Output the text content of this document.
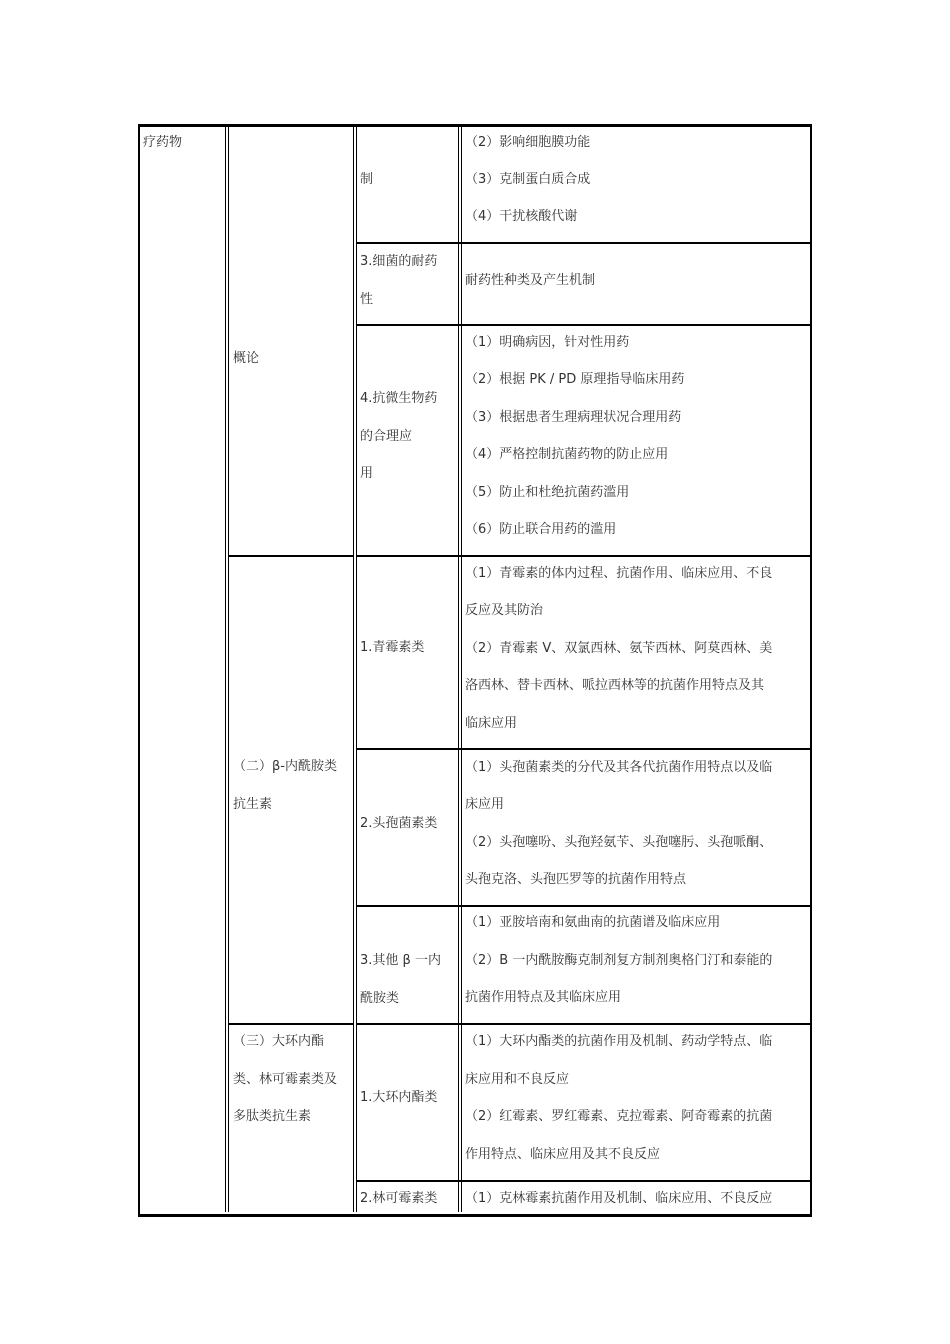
疗药物
概论
（二）β-内酰胺类
抗生素
（三）大环内酯
类、林可霉素类及
多肽类抗生素
制
3.细菌的耐药
性
4.抗微生物药
的合理应
用
1.青霉素类
2.头孢菌素类
3.其他 β 一内
酰胺类
1.大环内酯类
2.林可霉素类
（2）影响细胞膜功能
（3）克制蛋白质合成
（4）干扰核酸代谢
耐药性种类及产生机制
（1）明确病因，针对性用药
（2）根据 PK / PD 原理指导临床用药
（3）根据患者生理病理状况合理用药
（4）严格控制抗菌药物的防止应用
（5）防止和杜绝抗菌药滥用
（6）防止联合用药的滥用
（1）青霉素的体内过程、抗菌作用、临床应用、不良
反应及其防治
（2）青霉素 V、双氯西林、氨苄西林、阿莫西林、美
洛西林、替卡西林、哌拉西林等的抗菌作用特点及其
临床应用
（1）头孢菌素类的分代及其各代抗菌作用特点以及临
床应用
（2）头孢噻吩、头孢羟氨苄、头孢噻肟、头孢哌酮、
头孢克洛、头孢匹罗等的抗菌作用特点
（1）亚胺培南和氨曲南的抗菌谱及临床应用
（2）B 一内酰胺酶克制剂复方制剂奥格门汀和泰能的
抗菌作用特点及其临床应用
（1）大环内酯类的抗菌作用及机制、药动学特点、临
床应用和不良反应
（2）红霉素、罗红霉素、克拉霉素、阿奇霉素的抗菌
作用特点、临床应用及其不良反应
（1）克林霉素抗菌作用及机制、临床应用、不良反应
